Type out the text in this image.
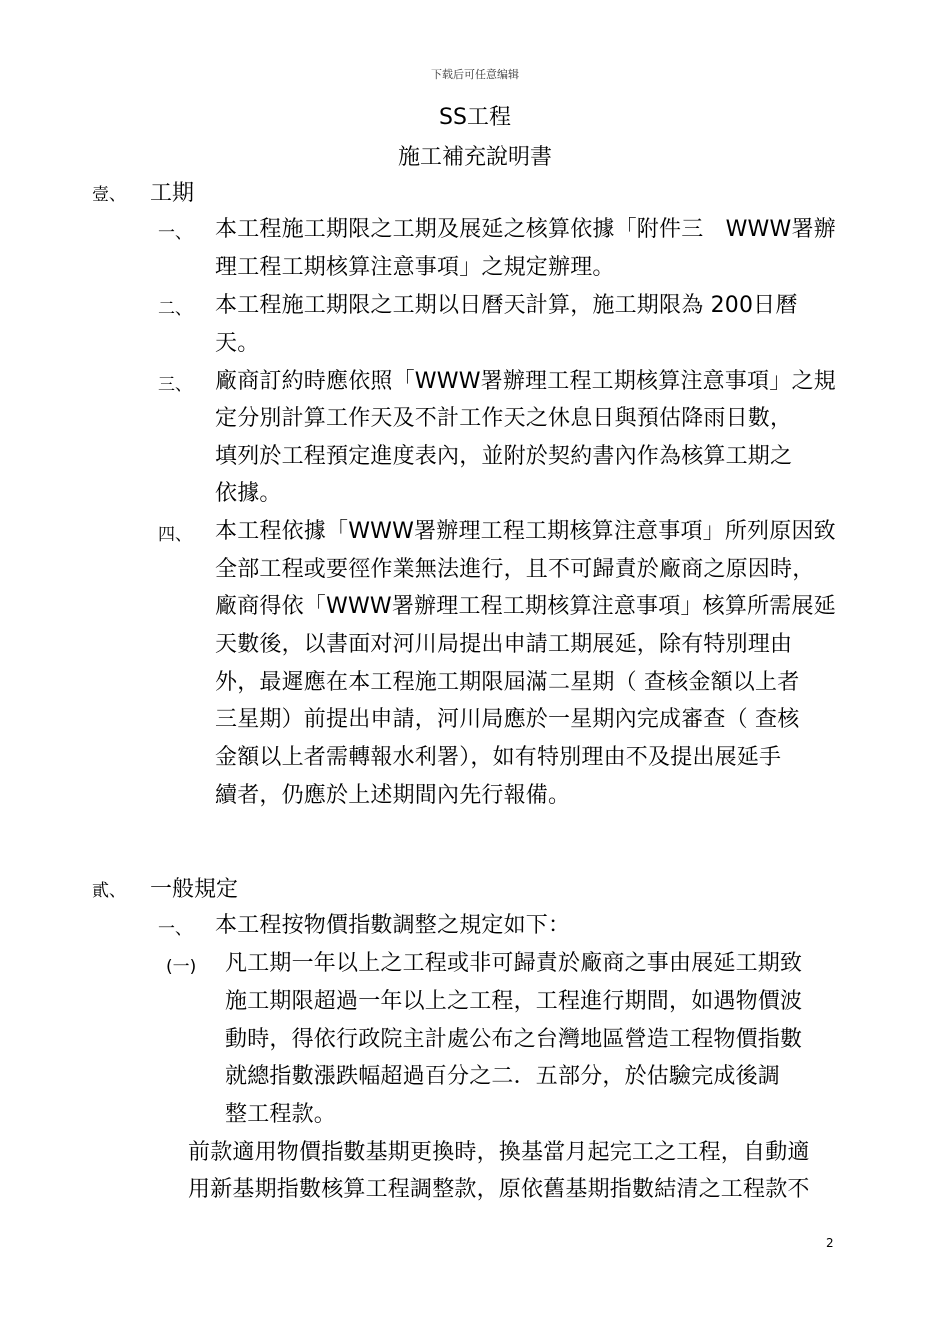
下载后可任意编辑
SS工程
施工補充說明書
壹、 工期
一、 本工程施工期限之工期及展延之核算依據「附件三　WWW署辦
理工程工期核算注意事項」之規定辦理。
二、 本工程施工期限之工期以日曆天計算，施工期限為 200日曆
天。
三、 廠商訂約時應依照「WWW署辦理工程工期核算注意事項」之規
定分別計算工作天及不計工作天之休息日與預估降雨日數，
填列於工程預定進度表內，並附於契約書內作為核算工期之
依據。
四、 本工程依據「WWW署辦理工程工期核算注意事項」所列原因致
全部工程或要徑作業無法進行，且不可歸責於廠商之原因時，
廠商得依「WWW署辦理工程工期核算注意事項」核算所需展延
天數後，以書面对河川局提出申請工期展延，除有特別理由
外，最遲應在本工程施工期限屆滿二星期（ 查核金額以上者
三星期）前提出申請，河川局應於一星期內完成審查（ 查核
金額以上者需轉報水利署），如有特別理由不及提出展延手
續者，仍應於上述期間內先行報備。
貳、 一般規定
一、 本工程按物價指數調整之規定如下：
(一) 凡工期一年以上之工程或非可歸責於廠商之事由展延工期致
施工期限超過一年以上之工程，工程進行期間，如遇物價波
動時，得依行政院主計處公布之台灣地區營造工程物價指數
就總指數漲跌幅超過百分之二．五部分，於估驗完成後調
整工程款。
前款適用物價指數基期更換時，換基當月起完工之工程，自動適
用新基期指數核算工程調整款，原依舊基期指數結清之工程款不
2
